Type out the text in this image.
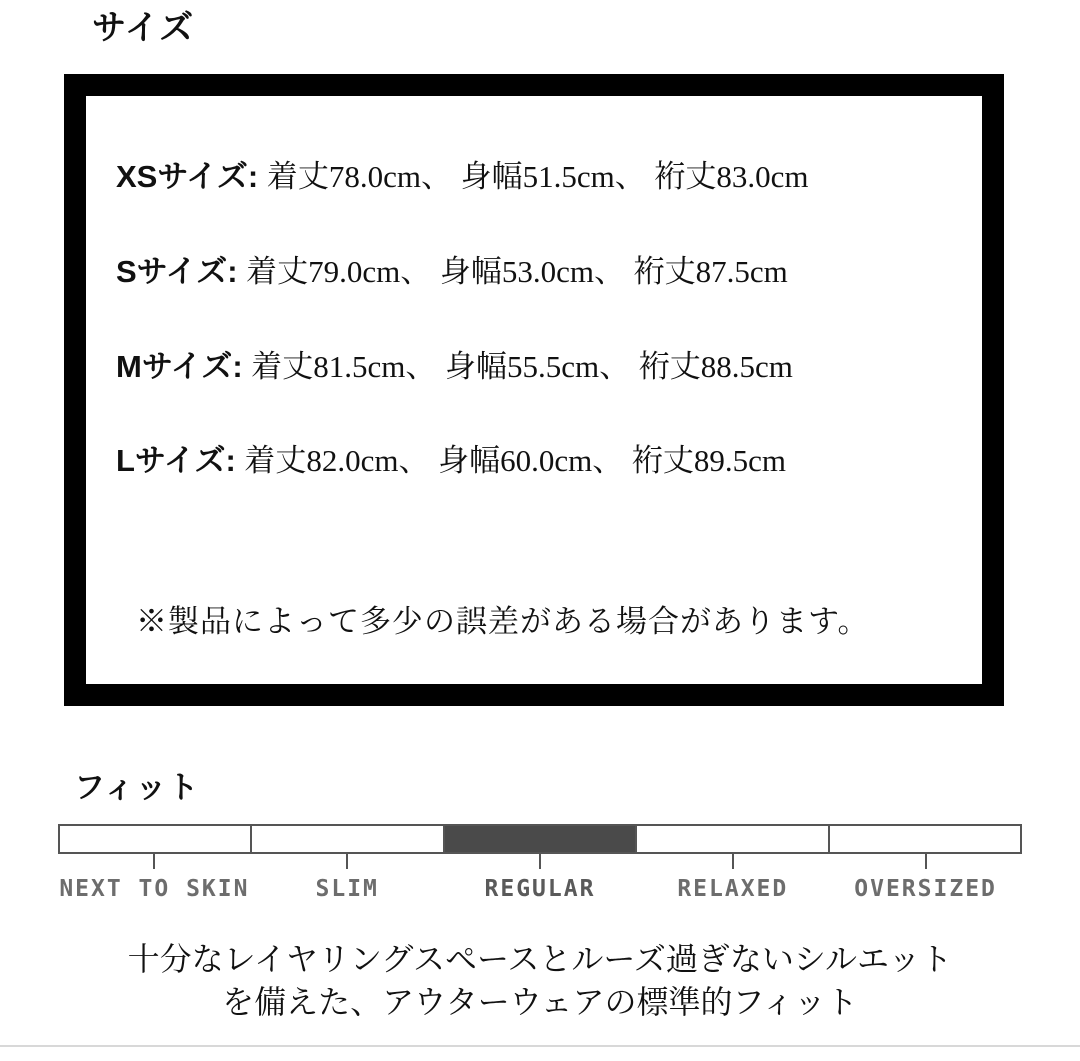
サイズ
XSサイズ: 着丈78.0cm、 身幅51.5cm、 裄丈83.0cm
Sサイズ: 着丈79.0cm、 身幅53.0cm、 裄丈87.5cm
Mサイズ: 着丈81.5cm、 身幅55.5cm、 裄丈88.5cm
Lサイズ: 着丈82.0cm、 身幅60.0cm、 裄丈89.5cm
※製品によって多少の誤差がある場合があります。
フィット
NEXT TO SKIN	SLIM	REGULAR	RELAXED	OVERSIZED
十分なレイヤリングスペースとルーズ過ぎないシルエット
を備えた、アウターウェアの標準的フィット
